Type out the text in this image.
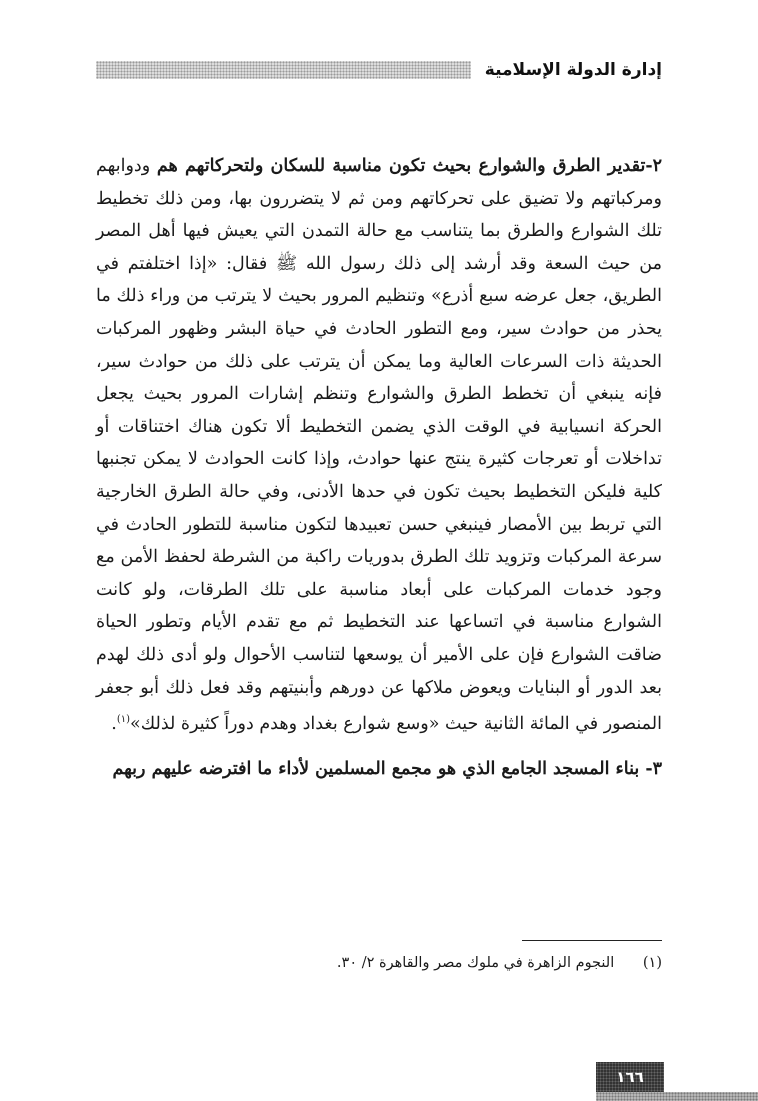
إدارة الدولة الإسلامية

٢-تقدير الطرق والشوارع بحيث تكون مناسبة للسكان ولتحركاتهم هم ودوابهم ومركباتهم ولا تضيق على تحركاتهم ومن ثم لا يتضررون بها، ومن ذلك تخطيط تلك الشوارع والطرق بما يتناسب مع حالة التمدن التي يعيش فيها أهل المصر من حيث السعة وقد أرشد إلى ذلك رسول الله ﷺ فقال: «إذا اختلفتم في الطريق، جعل عرضه سبع أذرع» وتنظيم المرور بحيث لا يترتب من وراء ذلك ما يحذر من حوادث سير، ومع التطور الحادث في حياة البشر وظهور المركبات الحديثة ذات السرعات العالية وما يمكن أن يترتب على ذلك من حوادث سير، فإنه ينبغي أن تخطط الطرق والشوارع وتنظم إشارات المرور بحيث يجعل الحركة انسيابية في الوقت الذي يضمن التخطيط ألا تكون هناك اختناقات أو تداخلات أو تعرجات كثيرة ينتج عنها حوادث، وإذا كانت الحوادث لا يمكن تجنبها كلية فليكن التخطيط بحيث تكون في حدها الأدنى، وفي حالة الطرق الخارجية التي تربط بين الأمصار فينبغي حسن تعبيدها لتكون مناسبة للتطور الحادث في سرعة المركبات وتزويد تلك الطرق بدوريات راكبة من الشرطة لحفظ الأمن مع وجود خدمات المركبات على أبعاد مناسبة على تلك الطرقات، ولو كانت الشوارع مناسبة في اتساعها عند التخطيط ثم مع تقدم الأيام وتطور الحياة ضاقت الشوارع فإن على الأمير أن يوسعها لتناسب الأحوال ولو أدى ذلك لهدم بعد الدور أو البنايات ويعوض ملاكها عن دورهم وأبنيتهم وقد فعل ذلك أبو جعفر المنصور في المائة الثانية حيث «وسع شوارع بغداد وهدم دوراً كثيرة لذلك»$^{(١)}$.

٣- بناء المسجد الجامع الذي هو مجمع المسلمين لأداء ما افترضه عليهم ربهم

(١) النجوم الزاهرة في ملوك مصر والقاهرة ٢/ ٣٠.
١٦٦
